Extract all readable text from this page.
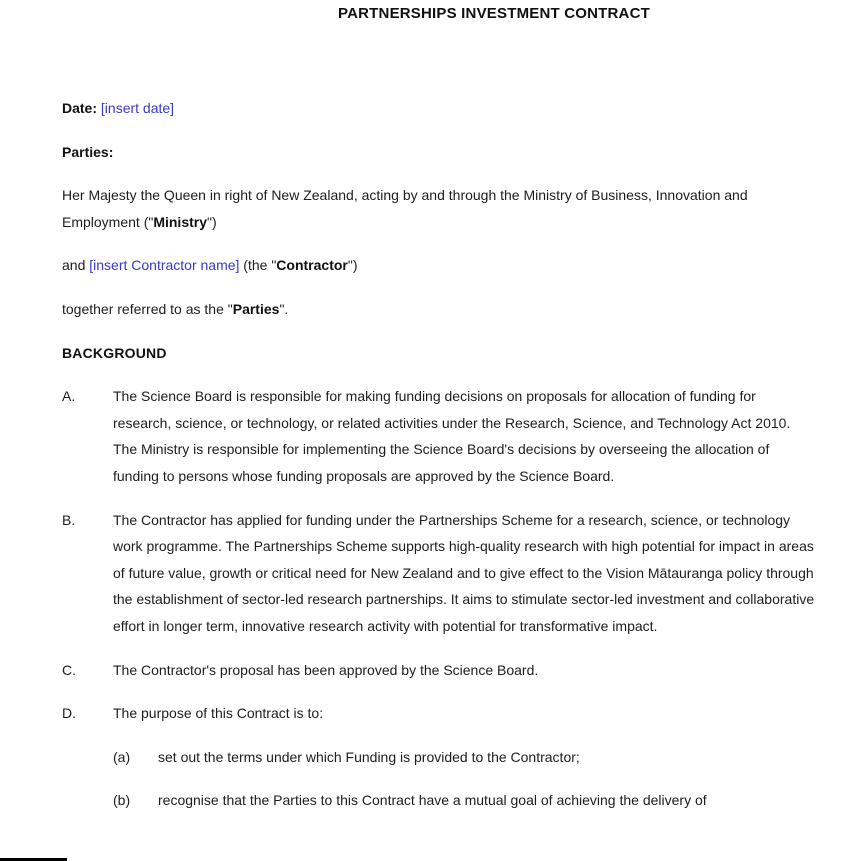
PARTNERSHIPS INVESTMENT CONTRACT
Date: [insert date]
Parties:
Her Majesty the Queen in right of New Zealand, acting by and through the Ministry of Business, Innovation and Employment ("Ministry")
and [insert Contractor name] (the "Contractor")
together referred to as the "Parties".
BACKGROUND
A.	The Science Board is responsible for making funding decisions on proposals for allocation of funding for research, science, or technology, or related activities under the Research, Science, and Technology Act 2010. The Ministry is responsible for implementing the Science Board's decisions by overseeing the allocation of funding to persons whose funding proposals are approved by the Science Board.
B.	The Contractor has applied for funding under the Partnerships Scheme for a research, science, or technology work programme. The Partnerships Scheme supports high-quality research with high potential for impact in areas of future value, growth or critical need for New Zealand and to give effect to the Vision Mātauranga policy through the establishment of sector-led research partnerships. It aims to stimulate sector-led investment and collaborative effort in longer term, innovative research activity with potential for transformative impact.
C.	The Contractor's proposal has been approved by the Science Board.
D.	The purpose of this Contract is to:
(a)	set out the terms under which Funding is provided to the Contractor;
(b)	recognise that the Parties to this Contract have a mutual goal of achieving the delivery of
